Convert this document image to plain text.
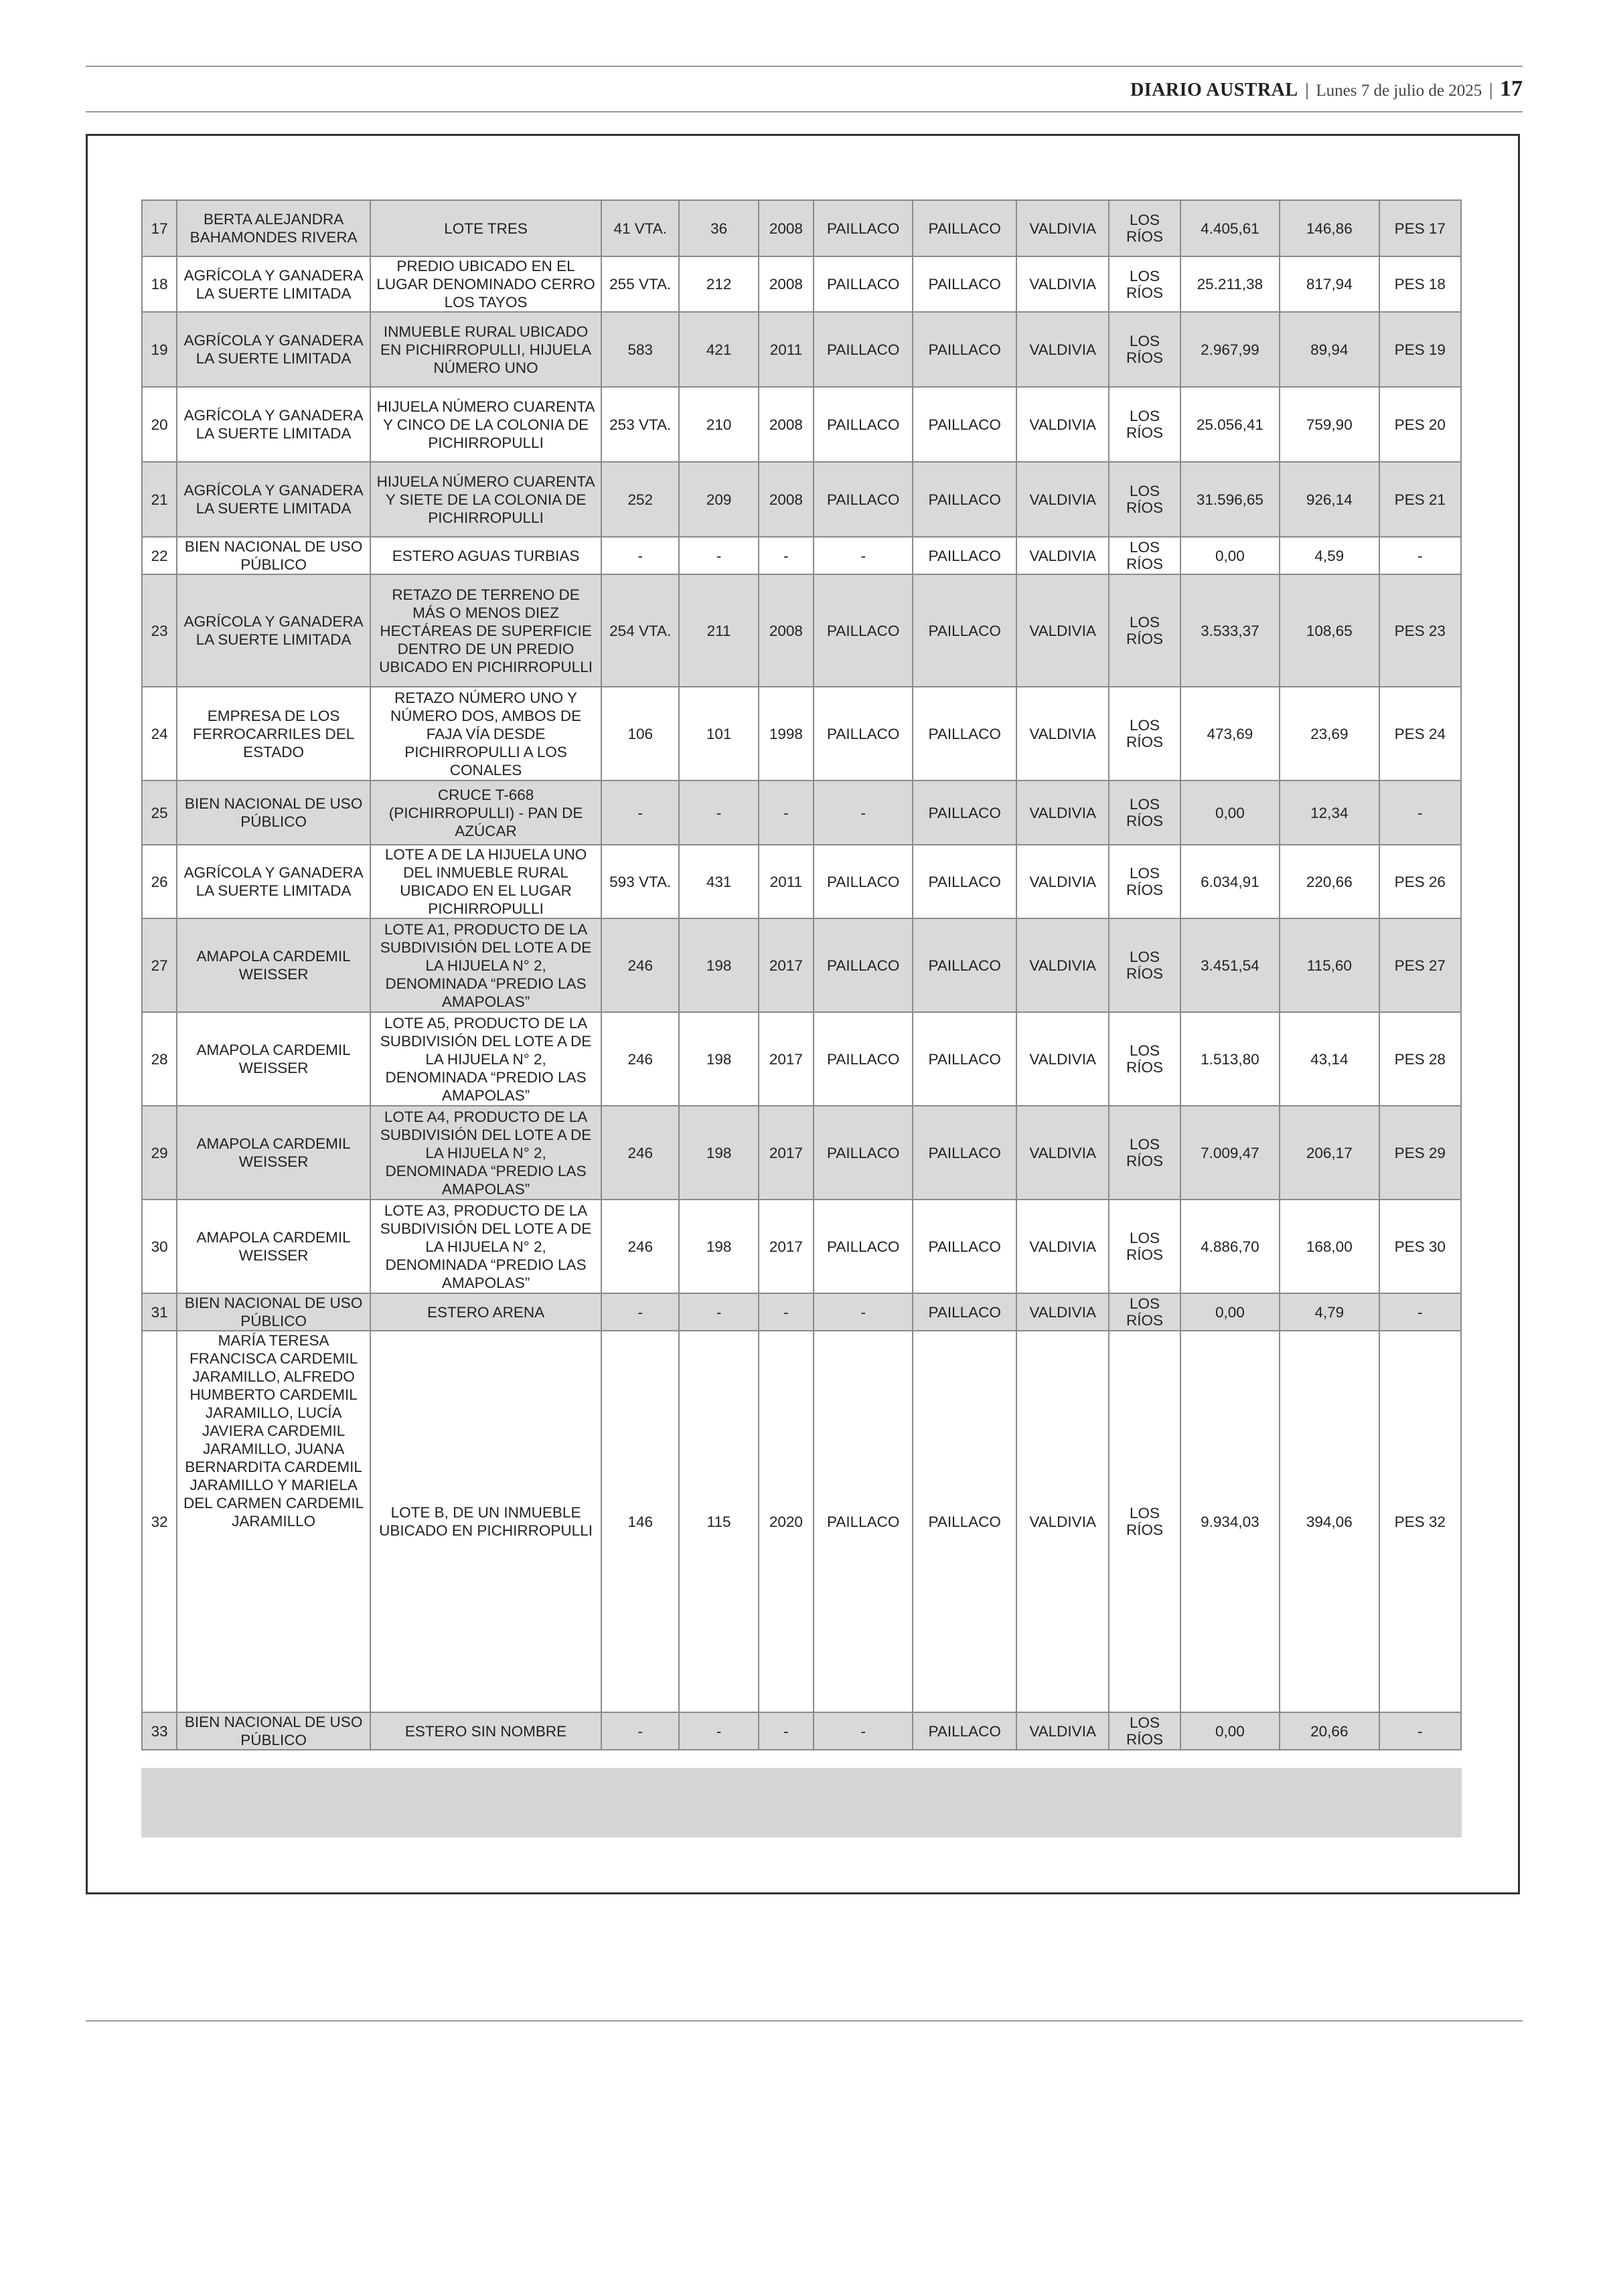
DIARIO AUSTRAL | Lunes 7 de julio de 2025 | 17
17	BERTA ALEJANDRA BAHAMONDES RIVERA	LOTE TRES	41 VTA.	36	2008	PAILLACO	PAILLACO	VALDIVIA	LOS RÍOS	4.405,61	146,86	PES 17
18	AGRÍCOLA Y GANADERA LA SUERTE LIMITADA	PREDIO UBICADO EN EL LUGAR DENOMINADO CERRO LOS TAYOS	255 VTA.	212	2008	PAILLACO	PAILLACO	VALDIVIA	LOS RÍOS	25.211,38	817,94	PES 18
19	AGRÍCOLA Y GANADERA LA SUERTE LIMITADA	INMUEBLE RURAL UBICADO EN PICHIRROPULLI, HIJUELA NÚMERO UNO	583	421	2011	PAILLACO	PAILLACO	VALDIVIA	LOS RÍOS	2.967,99	89,94	PES 19
20	AGRÍCOLA Y GANADERA LA SUERTE LIMITADA	HIJUELA NÚMERO CUARENTA Y CINCO DE LA COLONIA DE PICHIRROPULLI	253 VTA.	210	2008	PAILLACO	PAILLACO	VALDIVIA	LOS RÍOS	25.056,41	759,90	PES 20
21	AGRÍCOLA Y GANADERA LA SUERTE LIMITADA	HIJUELA NÚMERO CUARENTA Y SIETE DE LA COLONIA DE PICHIRROPULLI	252	209	2008	PAILLACO	PAILLACO	VALDIVIA	LOS RÍOS	31.596,65	926,14	PES 21
22	BIEN NACIONAL DE USO PÚBLICO	ESTERO AGUAS TURBIAS	-	-	-	-	PAILLACO	VALDIVIA	LOS RÍOS	0,00	4,59	-
23	AGRÍCOLA Y GANADERA LA SUERTE LIMITADA	RETAZO DE TERRENO DE MÁS O MENOS DIEZ HECTÁREAS DE SUPERFICIE DENTRO DE UN PREDIO UBICADO EN PICHIRROPULLI	254 VTA.	211	2008	PAILLACO	PAILLACO	VALDIVIA	LOS RÍOS	3.533,37	108,65	PES 23
24	EMPRESA DE LOS FERROCARRILES DEL ESTADO	RETAZO NÚMERO UNO Y NÚMERO DOS, AMBOS DE FAJA VÍA DESDE PICHIRROPULLI A LOS CONALES	106	101	1998	PAILLACO	PAILLACO	VALDIVIA	LOS RÍOS	473,69	23,69	PES 24
25	BIEN NACIONAL DE USO PÚBLICO	CRUCE T-668 (PICHIRROPULLI) - PAN DE AZÚCAR	-	-	-	-	PAILLACO	VALDIVIA	LOS RÍOS	0,00	12,34	-
26	AGRÍCOLA Y GANADERA LA SUERTE LIMITADA	LOTE A DE LA HIJUELA UNO DEL INMUEBLE RURAL UBICADO EN EL LUGAR PICHIRROPULLI	593 VTA.	431	2011	PAILLACO	PAILLACO	VALDIVIA	LOS RÍOS	6.034,91	220,66	PES 26
27	AMAPOLA CARDEMIL WEISSER	LOTE A1, PRODUCTO DE LA SUBDIVISIÓN DEL LOTE A DE LA HIJUELA N° 2, DENOMINADA “PREDIO LAS AMAPOLAS”	246	198	2017	PAILLACO	PAILLACO	VALDIVIA	LOS RÍOS	3.451,54	115,60	PES 27
28	AMAPOLA CARDEMIL WEISSER	LOTE A5, PRODUCTO DE LA SUBDIVISIÓN DEL LOTE A DE LA HIJUELA N° 2, DENOMINADA “PREDIO LAS AMAPOLAS”	246	198	2017	PAILLACO	PAILLACO	VALDIVIA	LOS RÍOS	1.513,80	43,14	PES 28
29	AMAPOLA CARDEMIL WEISSER	LOTE A4, PRODUCTO DE LA SUBDIVISIÓN DEL LOTE A DE LA HIJUELA N° 2, DENOMINADA “PREDIO LAS AMAPOLAS”	246	198	2017	PAILLACO	PAILLACO	VALDIVIA	LOS RÍOS	7.009,47	206,17	PES 29
30	AMAPOLA CARDEMIL WEISSER	LOTE A3, PRODUCTO DE LA SUBDIVISIÓN DEL LOTE A DE LA HIJUELA N° 2, DENOMINADA “PREDIO LAS AMAPOLAS”	246	198	2017	PAILLACO	PAILLACO	VALDIVIA	LOS RÍOS	4.886,70	168,00	PES 30
31	BIEN NACIONAL DE USO PÚBLICO	ESTERO ARENA	-	-	-	-	PAILLACO	VALDIVIA	LOS RÍOS	0,00	4,79	-
32	MARÍA TERESA FRANCISCA CARDEMIL JARAMILLO, ALFREDO HUMBERTO CARDEMIL JARAMILLO, LUCÍA JAVIERA CARDEMIL JARAMILLO, JUANA BERNARDITA CARDEMIL JARAMILLO Y MARIELA DEL CARMEN CARDEMIL JARAMILLO	LOTE B, DE UN INMUEBLE UBICADO EN PICHIRROPULLI	146	115	2020	PAILLACO	PAILLACO	VALDIVIA	LOS RÍOS	9.934,03	394,06	PES 32
33	BIEN NACIONAL DE USO PÚBLICO	ESTERO SIN NOMBRE	-	-	-	-	PAILLACO	VALDIVIA	LOS RÍOS	0,00	20,66	-
